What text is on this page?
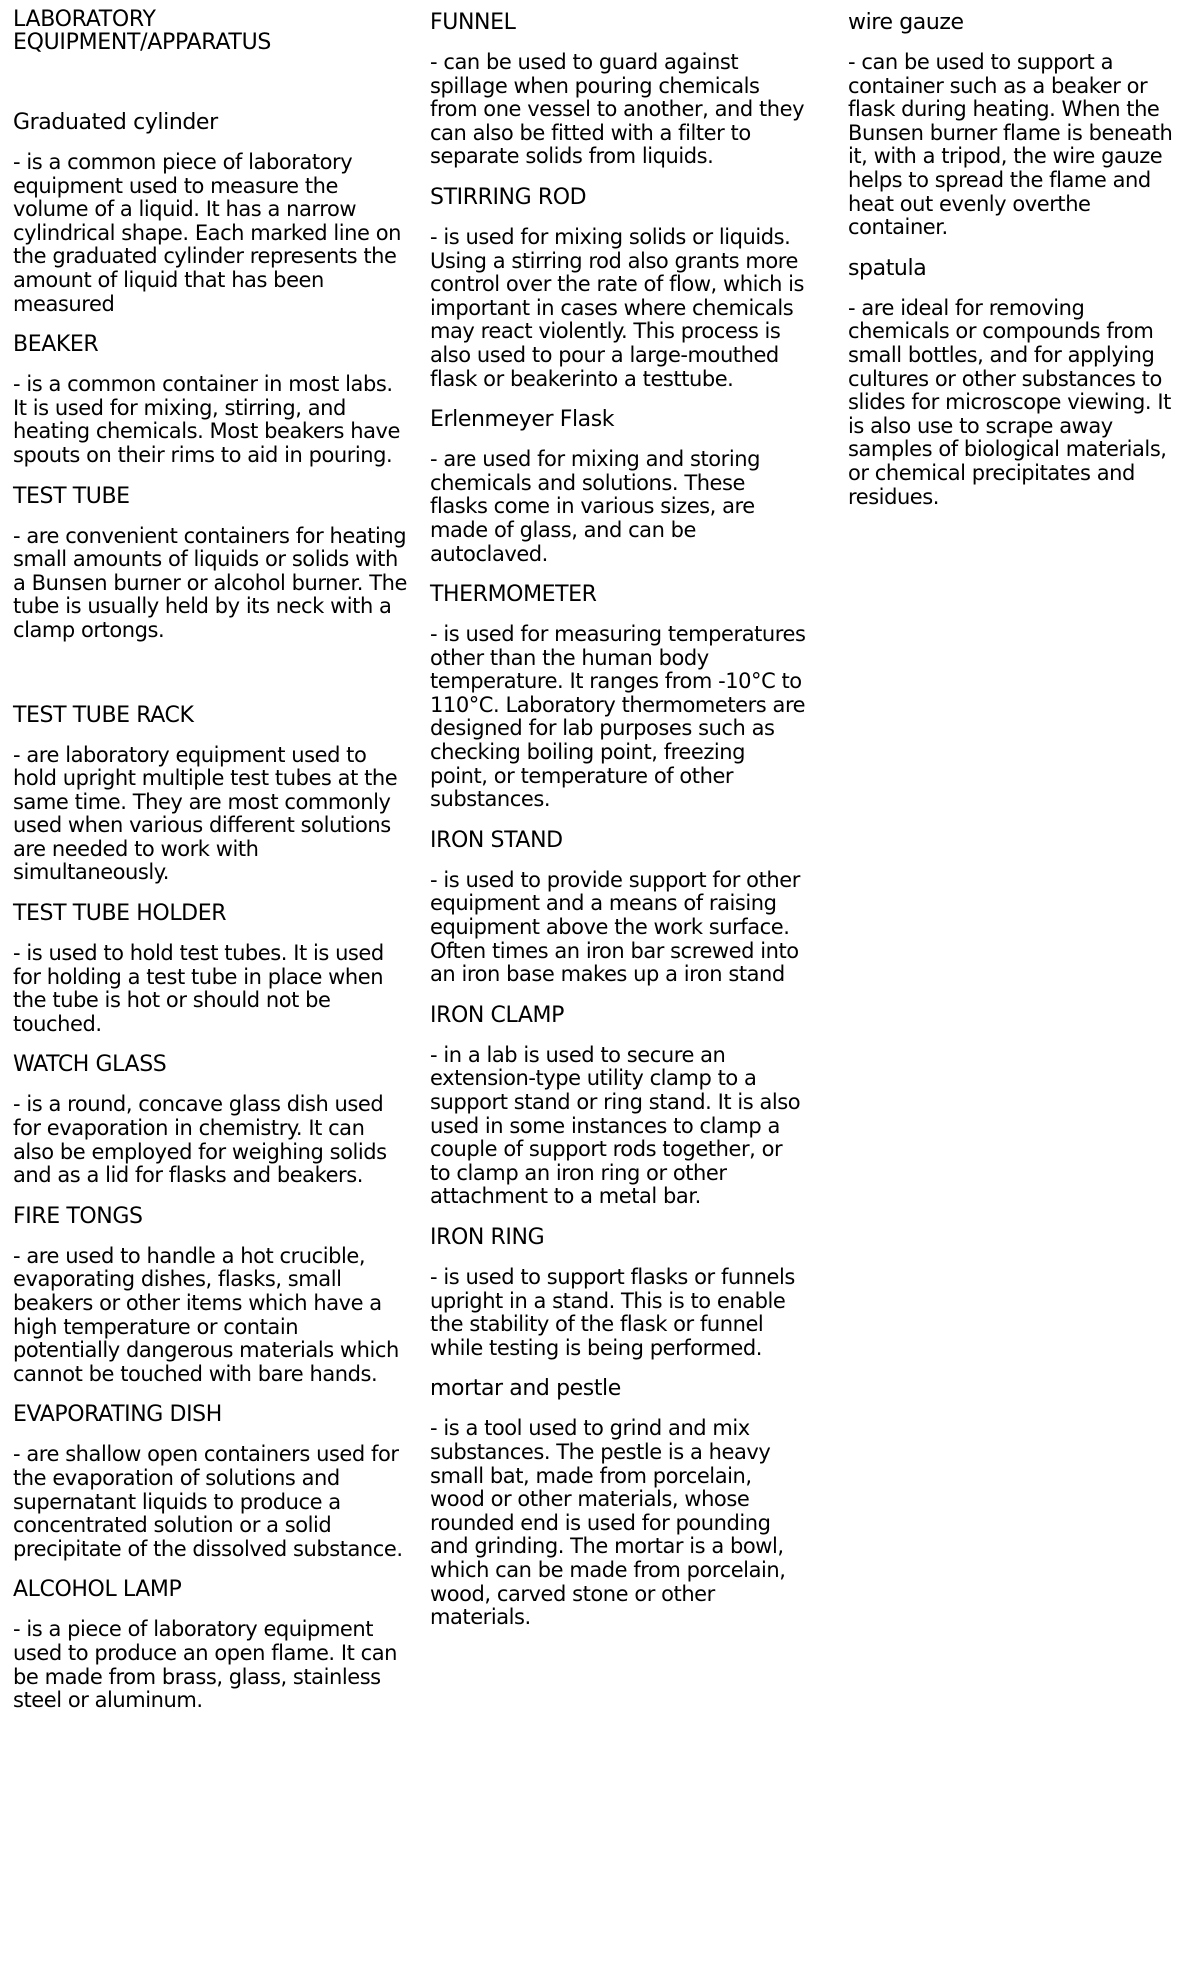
LABORATORY
EQUIPMENT/APPARATUS
Graduated cylinder
- is a common piece of laboratory equipment used to measure the volume of a liquid. It has a narrow cylindrical shape. Each marked line on the graduated cylinder represents the amount of liquid that has been measured
BEAKER
- is a common container in most labs. It is used for mixing, stirring, and heating chemicals. Most beakers have spouts on their rims to aid in pouring.
TEST TUBE
- are convenient containers for heating small amounts of liquids or solids with a Bunsen burner or alcohol burner. The tube is usually held by its neck with a clamp ortongs.
TEST TUBE RACK
- are laboratory equipment used to hold upright multiple test tubes at the same time. They are most commonly used when various different solutions are needed to work with simultaneously.
TEST TUBE HOLDER
- is used to hold test tubes. It is used for holding a test tube in place when the tube is hot or should not be touched.
WATCH GLASS
- is a round, concave glass dish used for evaporation in chemistry. It can also be employed for weighing solids and as a lid for flasks and beakers.
FIRE TONGS
- are used to handle a hot crucible, evaporating dishes, flasks, small beakers or other items which have a high temperature or contain potentially dangerous materials which cannot be touched with bare hands.
EVAPORATING DISH
- are shallow open containers used for the evaporation of solutions and supernatant liquids to produce a concentrated solution or a solid precipitate of the dissolved substance.
ALCOHOL LAMP
- is a piece of laboratory equipment used to produce an open flame. It can be made from brass, glass, stainless steel or aluminum.
FUNNEL
- can be used to guard against spillage when pouring chemicals from one vessel to another, and they can also be fitted with a filter to separate solids from liquids.
STIRRING ROD
- is used for mixing solids or liquids. Using a stirring rod also grants more control over the rate of flow, which is important in cases where chemicals may react violently. This process is also used to pour a large-mouthed flask or beakerinto a testtube.
Erlenmeyer Flask
- are used for mixing and storing chemicals and solutions. These flasks come in various sizes, are made of glass, and can be autoclaved.
THERMOMETER
- is used for measuring temperatures other than the human body temperature. It ranges from -10°C to 110°C. Laboratory thermometers are designed for lab purposes such as checking boiling point, freezing point, or temperature of other substances.
IRON STAND
- is used to provide support for other equipment and a means of raising equipment above the work surface. Often times an iron bar screwed into an iron base makes up a iron stand
IRON CLAMP
- in a lab is used to secure an extension-type utility clamp to a support stand or ring stand. It is also used in some instances to clamp a couple of support rods together, or to clamp an iron ring or other attachment to a metal bar.
IRON RING
- is used to support flasks or funnels upright in a stand. This is to enable the stability of the flask or funnel while testing is being performed.
mortar and pestle
- is a tool used to grind and mix substances. The pestle is a heavy small bat, made from porcelain, wood or other materials, whose rounded end is used for pounding and grinding. The mortar is a bowl, which can be made from porcelain, wood, carved stone or other materials.
wire gauze
- can be used to support a container such as a beaker or flask during heating. When the Bunsen burner flame is beneath it, with a tripod, the wire gauze helps to spread the flame and heat out evenly overthe container.
spatula
- are ideal for removing chemicals or compounds from small bottles, and for applying cultures or other substances to slides for microscope viewing. It is also use to scrape away samples of biological materials, or chemical precipitates and residues.
